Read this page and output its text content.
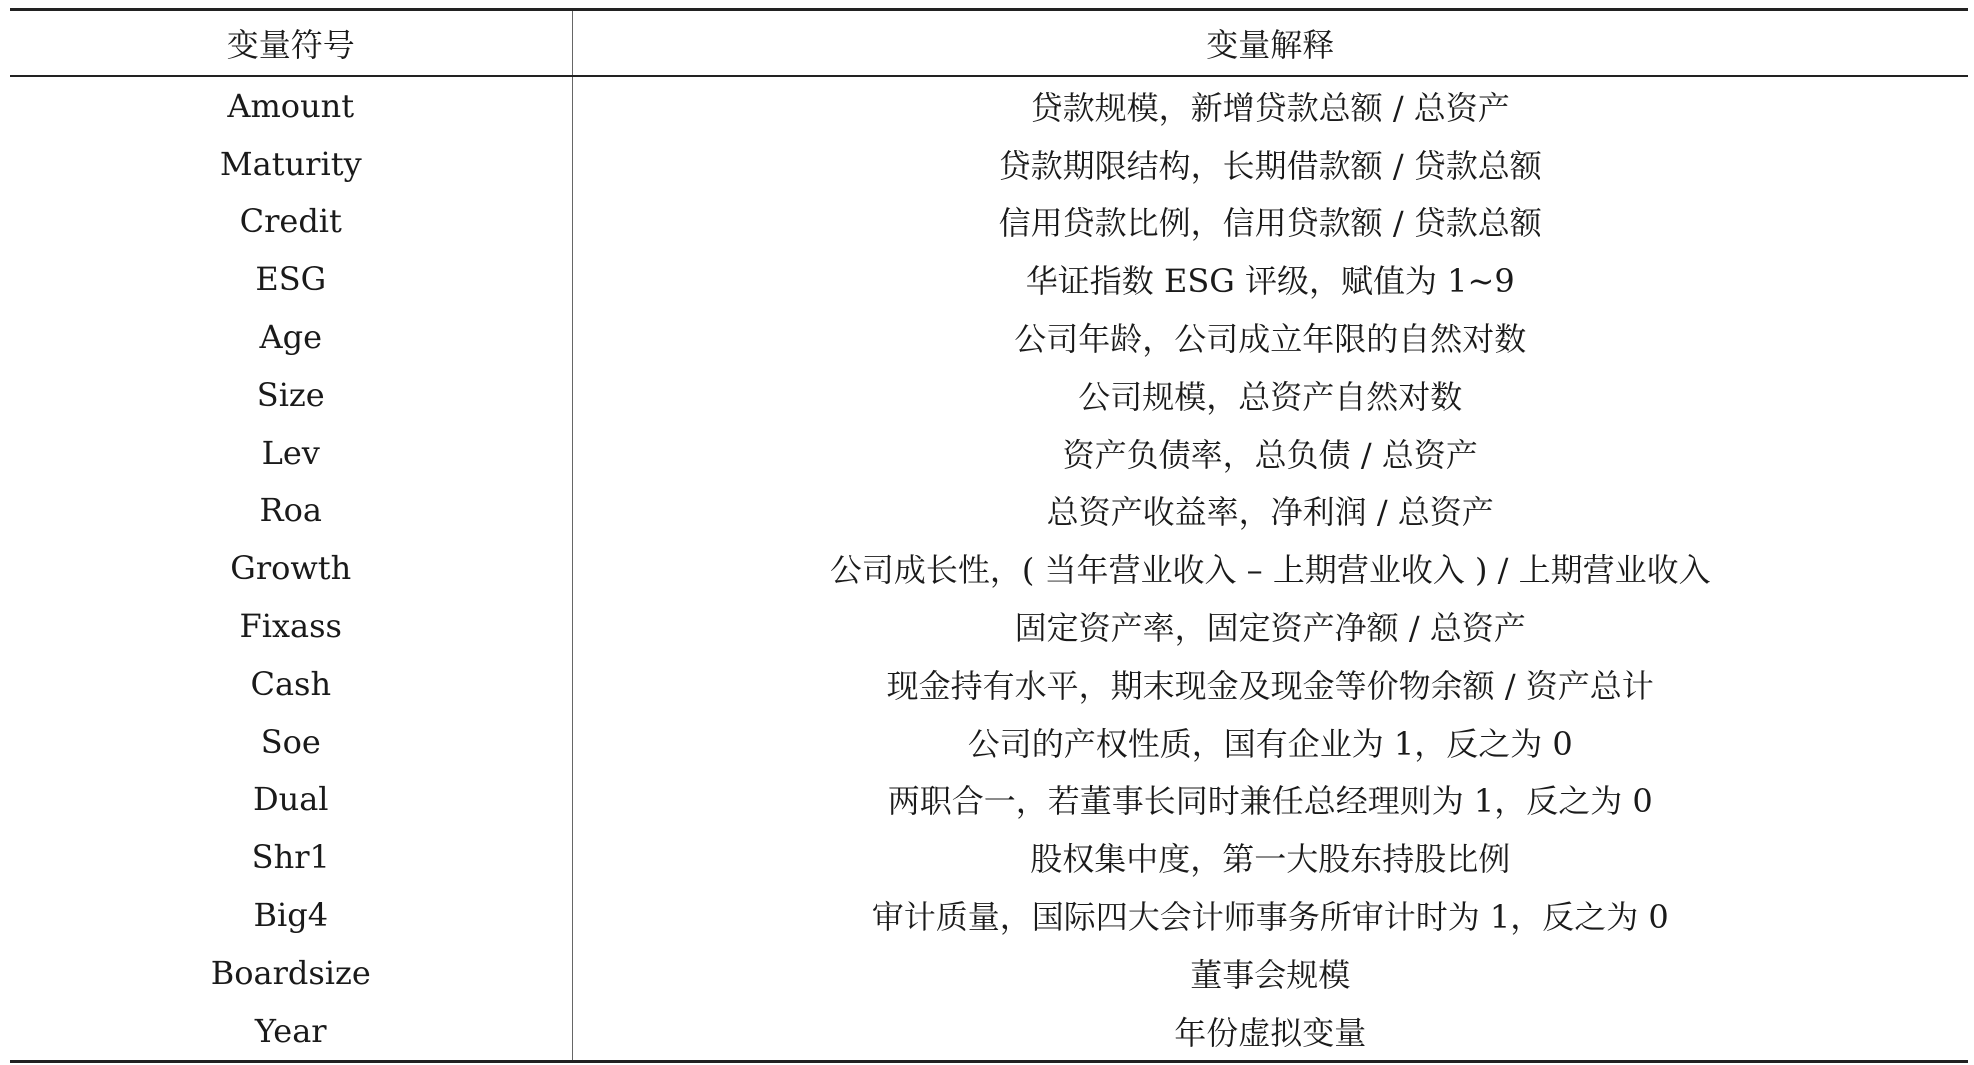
变量符号	变量解释
Amount	贷款规模，新增贷款总额 / 总资产
Maturity	贷款期限结构，长期借款额 / 贷款总额
Credit	信用贷款比例，信用贷款额 / 贷款总额
ESG	华证指数 ESG 评级，赋值为 1~9
Age	公司年龄，公司成立年限的自然对数
Size	公司规模，总资产自然对数
Lev	资产负债率，总负债 / 总资产
Roa	总资产收益率，净利润 / 总资产
Growth	公司成长性，( 当年营业收入 – 上期营业收入 ) / 上期营业收入
Fixass	固定资产率，固定资产净额 / 总资产
Cash	现金持有水平，期末现金及现金等价物余额 / 资产总计
Soe	公司的产权性质，国有企业为 1，反之为 0
Dual	两职合一，若董事长同时兼任总经理则为 1，反之为 0
Shr1	股权集中度，第一大股东持股比例
Big4	审计质量，国际四大会计师事务所审计时为 1，反之为 0
Boardsize	董事会规模
Year	年份虚拟变量
